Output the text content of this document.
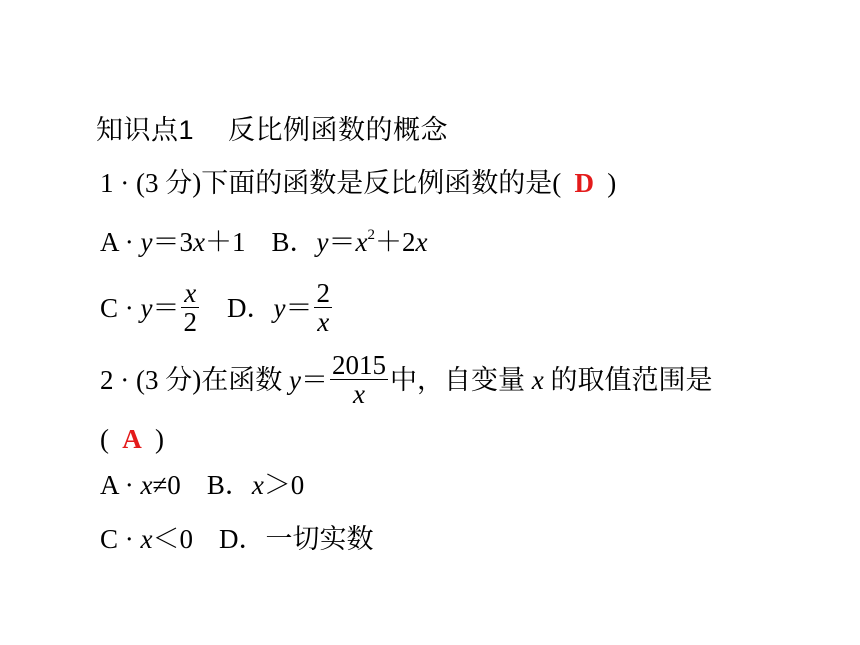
知识点1 反比例函数的概念
1 · (3 分)下面的函数是反比例函数的是( D )
A · y＝3x＋1 B．$y=x^2+2x$
$C \cdot y= \frac{x}{2}$ D．$y= \frac{2}{x}$
2 · (3 分)在函数 $y= \frac{2015}{x}$ 中，自变量 x 的取值范围是
( A )
A · x≠0 B．x＞0
C · x＜0 D．一切实数
